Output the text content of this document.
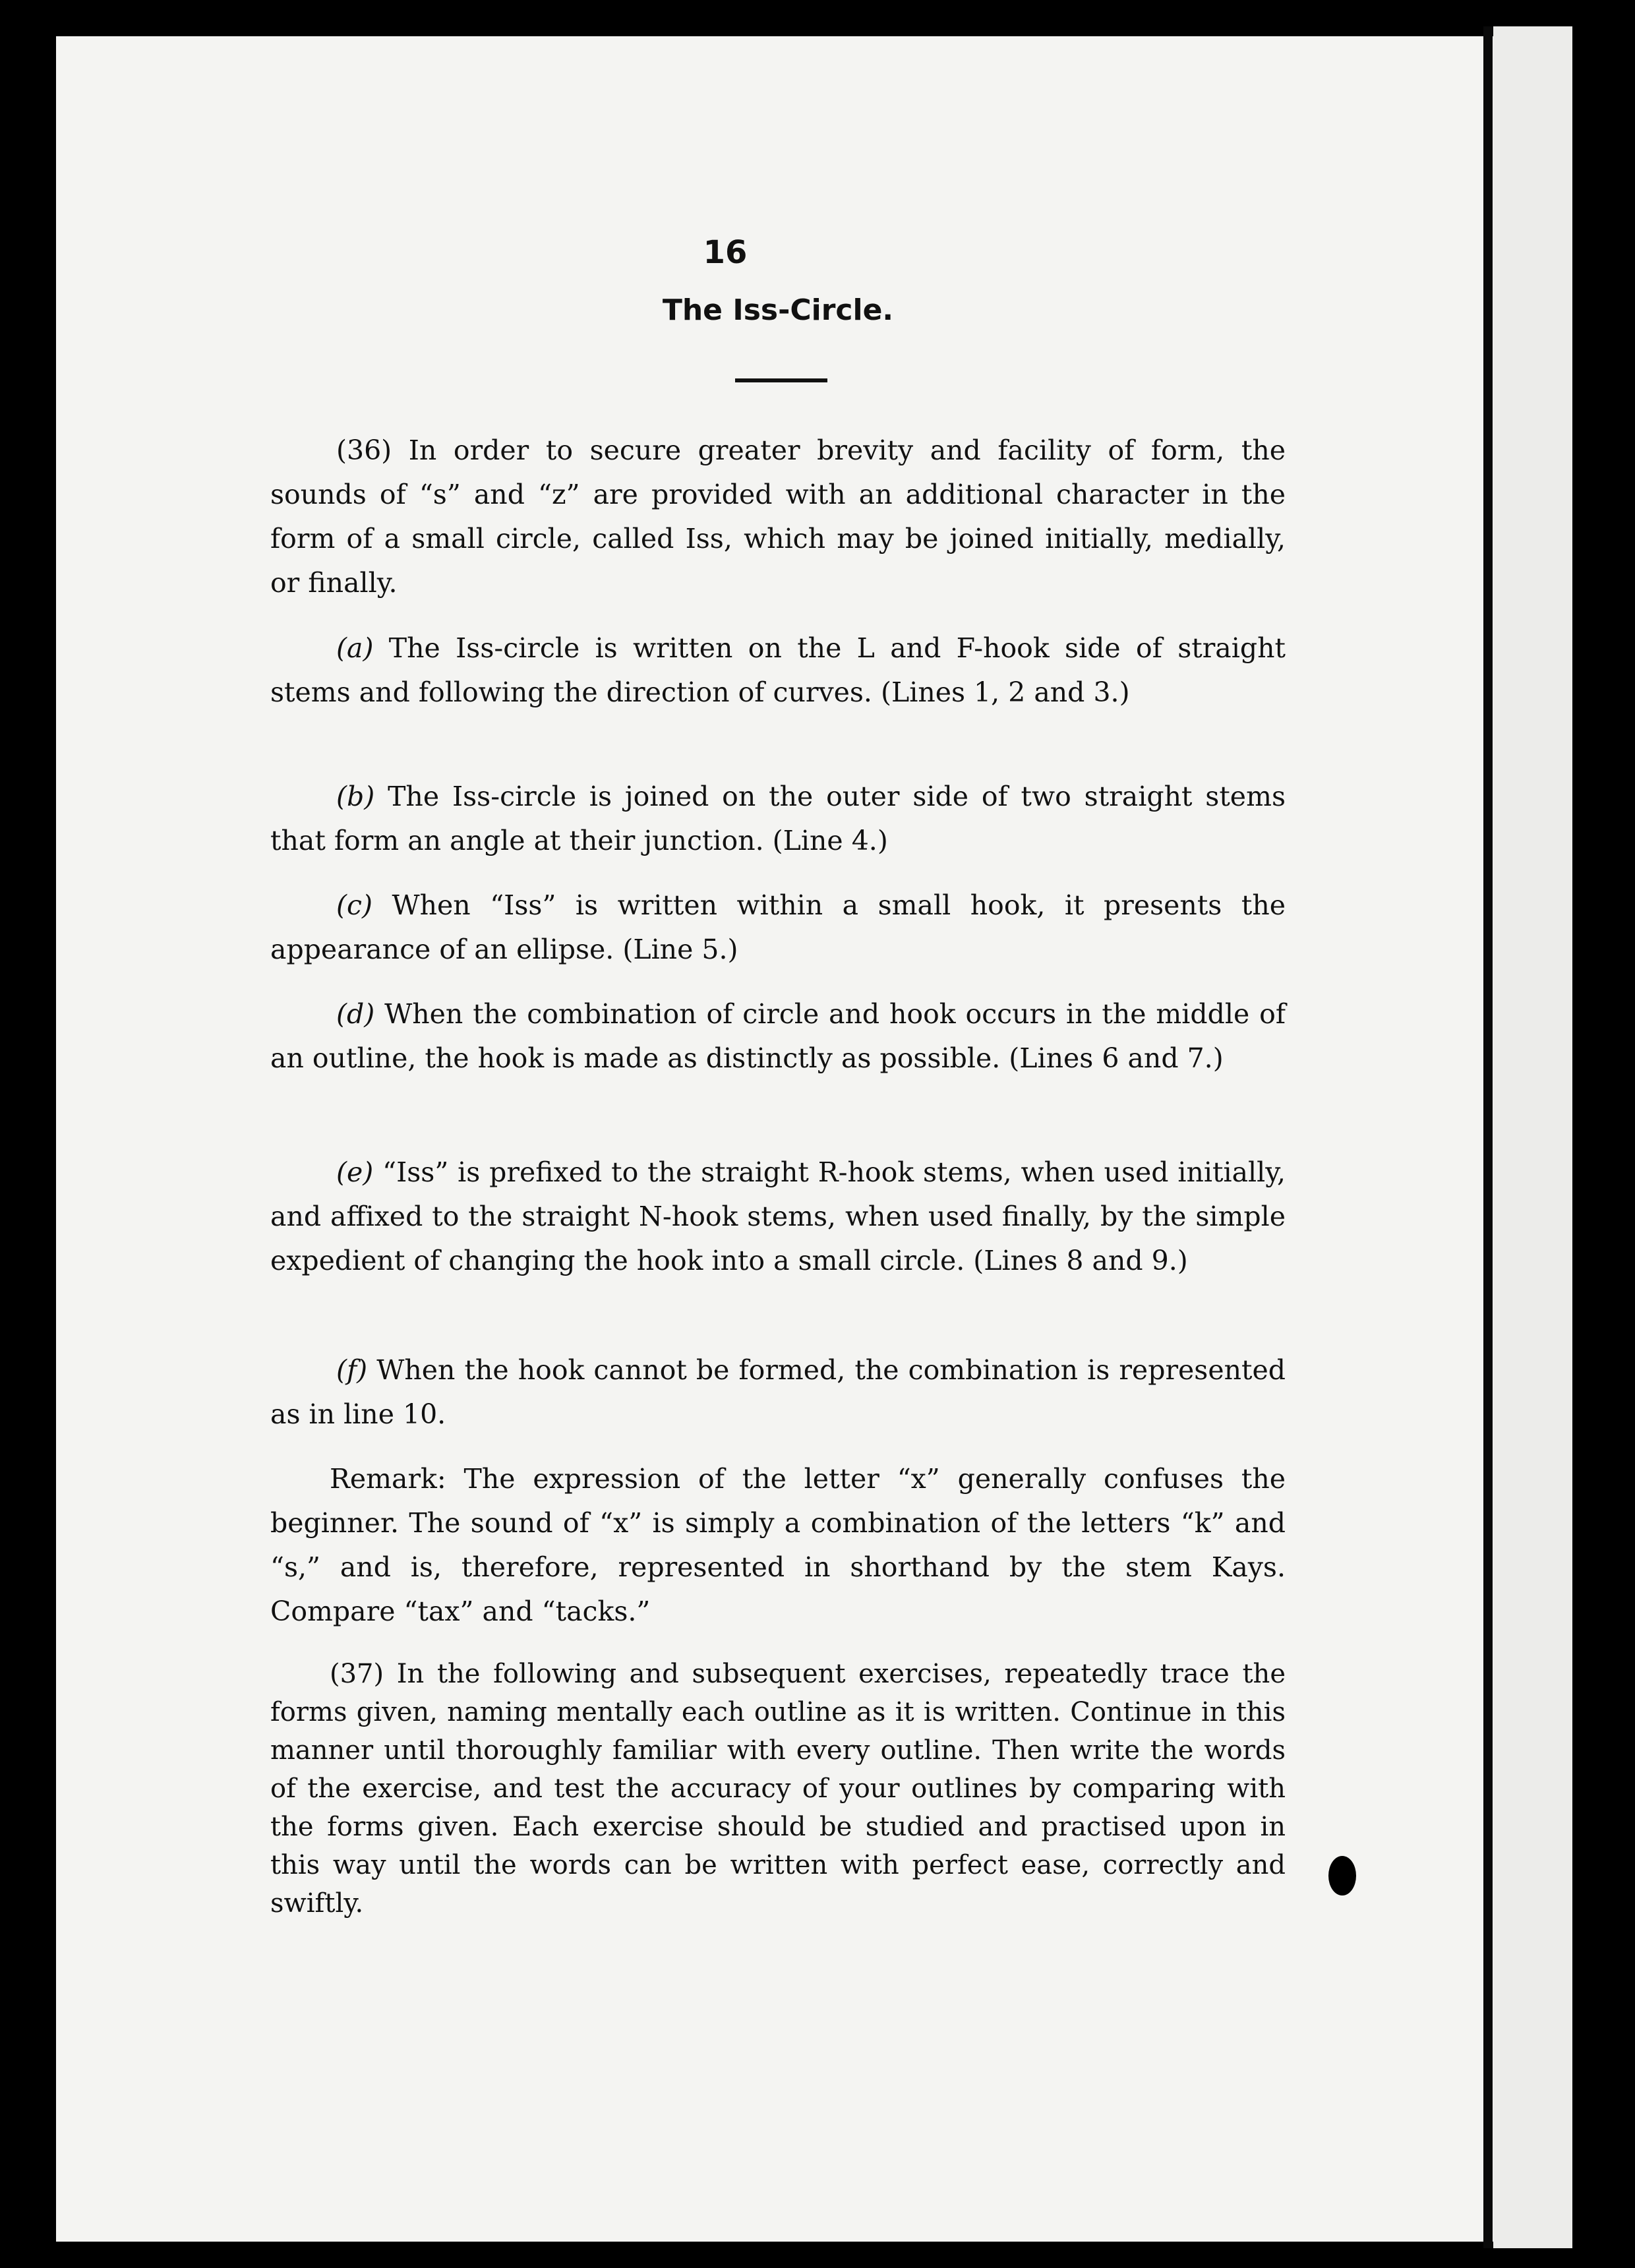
16
The Iss-Circle.
(36) In order to secure greater brevity and facility of form, the sounds of “s” and “z” are provided with an additional character in the form of a small circle, called Iss, which may be joined initially, medially, or finally.
(a) The Iss-circle is written on the L and F-hook side of straight stems and following the direction of curves. (Lines 1, 2 and 3.)
(b) The Iss-circle is joined on the outer side of two straight stems that form an angle at their junction. (Line 4.)
(c) When “Iss” is written within a small hook, it presents the appearance of an ellipse. (Line 5.)
(d) When the combination of circle and hook occurs in the middle of an outline, the hook is made as distinctly as possible. (Lines 6 and 7.)
(e) “Iss” is prefixed to the straight R-hook stems, when used initially, and affixed to the straight N-hook stems, when used finally, by the simple expedient of changing the hook into a small circle. (Lines 8 and 9.)
(f) When the hook cannot be formed, the combination is represented as in line 10.
Remark: The expression of the letter “x” generally confuses the beginner. The sound of “x” is simply a combination of the letters “k” and “s,” and is, therefore, represented in shorthand by the stem Kays. Compare “tax” and “tacks.”
(37) In the following and subsequent exercises, repeatedly trace the forms given, naming mentally each outline as it is written. Continue in this manner until thoroughly familiar with every outline. Then write the words of the exercise, and test the accuracy of your outlines by comparing with the forms given. Each exercise should be studied and practised upon in this way until the words can be written with perfect ease, correctly and swiftly.
